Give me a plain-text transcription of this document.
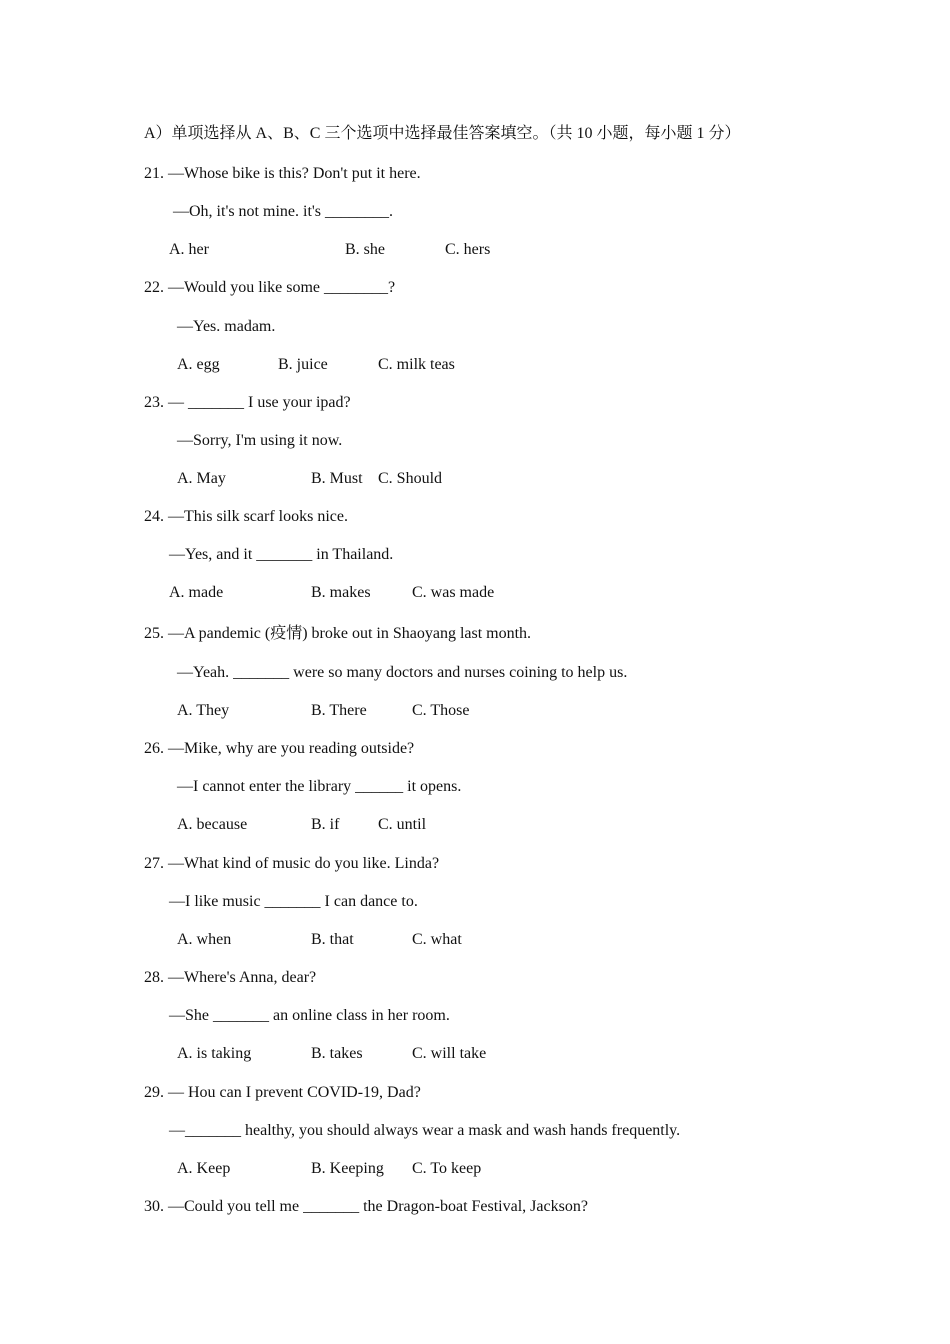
A）单项选择从 A、B、C 三个选项中选择最佳答案填空。（共 10 小题，每小题 1 分）
21. —Whose bike is this? Don't put it here.
—Oh, it's not mine. it's ________.
A. her	B. she	C. hers
22. —Would you like some ________?
—Yes. madam.
A. egg	B. juice	C. milk teas
23. — _______ I use your ipad?
—Sorry, I'm using it now.
A. May	B. Must C. Should
24. —This silk scarf looks nice.
—Yes, and it _______ in Thailand.
A. made	B. makes	C. was made
25. —A pandemic (疫情) broke out in Shaoyang last month.
—Yeah. _______ were so many doctors and nurses coining to help us.
A. They	B. There	C. Those
26. —Mike, why are you reading outside?
—I cannot enter the library ______ it opens.
A. because	B. if C. until
27. —What kind of music do you like. Linda?
—I like music _______ I can dance to.
A. when	B. that	C. what
28. —Where's Anna, dear?
—She _______ an online class in her room.
A. is taking	B. takes	C. will take
29. — Hou can I prevent COVID-19, Dad?
—_______ healthy, you should always wear a mask and wash hands frequently.
A. Keep	B. Keeping C. To keep
30. —Could you tell me _______ the Dragon-boat Festival, Jackson?
